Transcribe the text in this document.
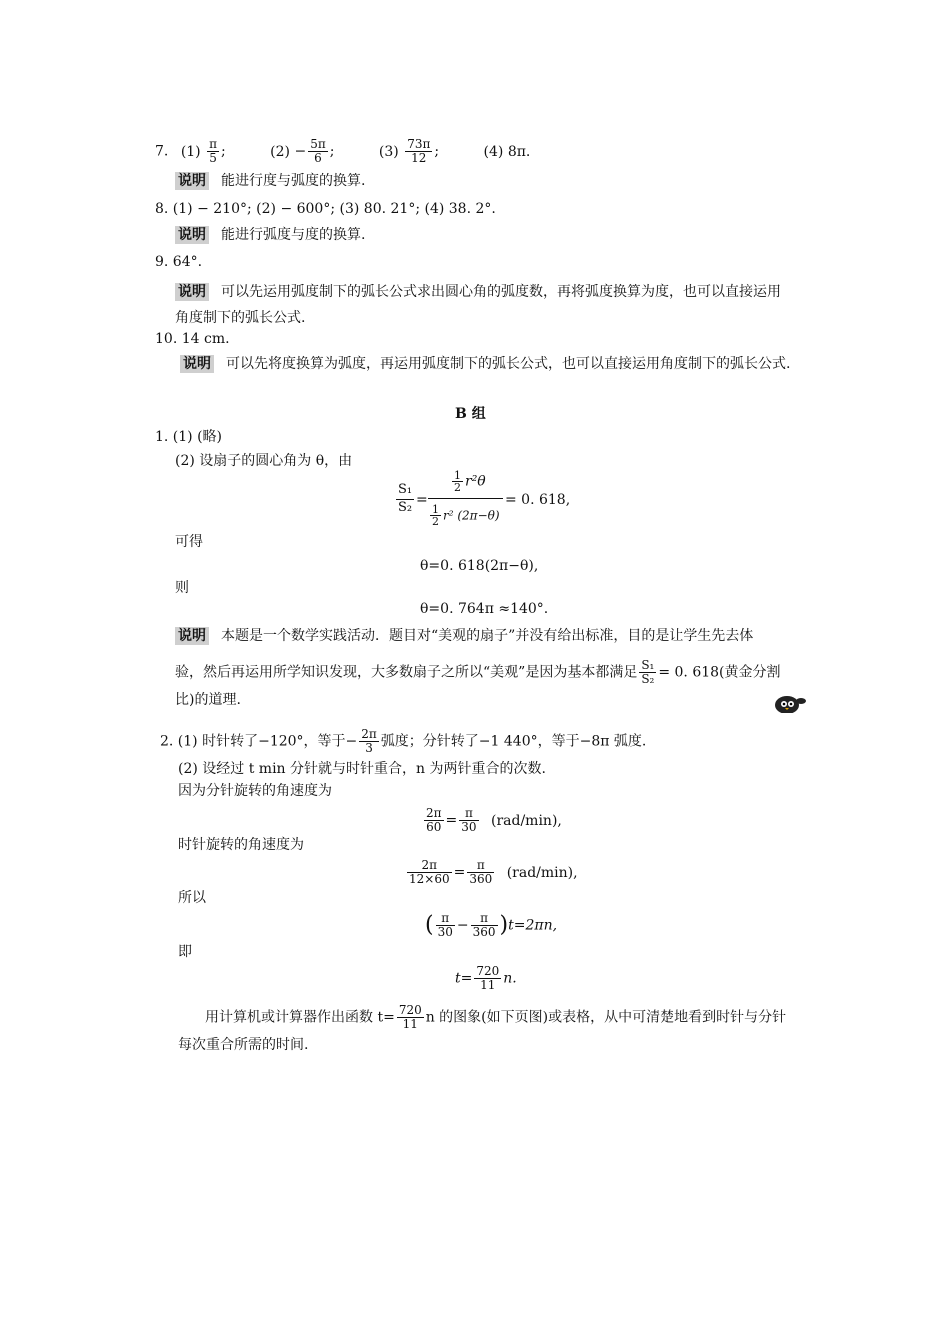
7. $(1) \frac{\pi}{5}$ ;	$(2) - \frac{5\pi}{6}$ ;	$(3) \frac{73\pi}{12}$ ;	(4) 8π.
说明 能进行度与弧度的换算.
8. (1) − 210°; (2) − 600°; (3) 80. 21°; (4) 38. 2°.
说明 能进行弧度与度的换算.
9. 64°.
说明 可以先运用弧度制下的弧长公式求出圆心角的弧度数，再将弧度换算为度，也可以直接运用角度制下的弧长公式.
10. 14 cm.
说明 可以先将度换算为弧度，再运用弧度制下的弧长公式，也可以直接运用角度制下的弧长公式.
B 组
1. (1) (略)
(2) 设扇子的圆心角为 θ，由
S₁
S₂ =
$\frac{1}{2} r^2\theta$
$\frac{1}{2} r^2$ (2π−θ)
= 0. 618,
可得
θ=0. 618(2π−θ),
则
θ=0. 764π ≈140°.
说明 本题是一个数学实践活动．题目对“美观的扇子”并没有给出标准，目的是让学生先去体
验，然后再运用所学知识发现，大多数扇子之所以“美观”是因为基本都满足 $\frac{\text{S₁}}{\text{S₂}} = 0$. 618(黄金分割
比)的道理.
2. (1) 时针转了−120°，等于− $\frac{2\pi}{3}$ 弧度；分针转了−1 440°，等于−8π 弧度.
(2) 设经过 t min 分针就与时针重合，n 为两针重合的次数.
因为分针旋转的角速度为
$\frac{2\pi}{60} = \frac{\pi}{30} (rad/\min)$,
时针旋转的角速度为
$\frac{2\pi}{12\times 60} = \frac{\pi}{360} (rad/\min)$,
所以
( $\frac{\pi}{30} - \frac{\pi}{360} )t=2\pi n$,
即
$t= \frac{720}{11} n$.
用计算机或计算器作出函数 $t= \frac{720}{11}$ n 的图象(如下页图)或表格，从中可清楚地看到时针与分针
每次重合所需的时间.
